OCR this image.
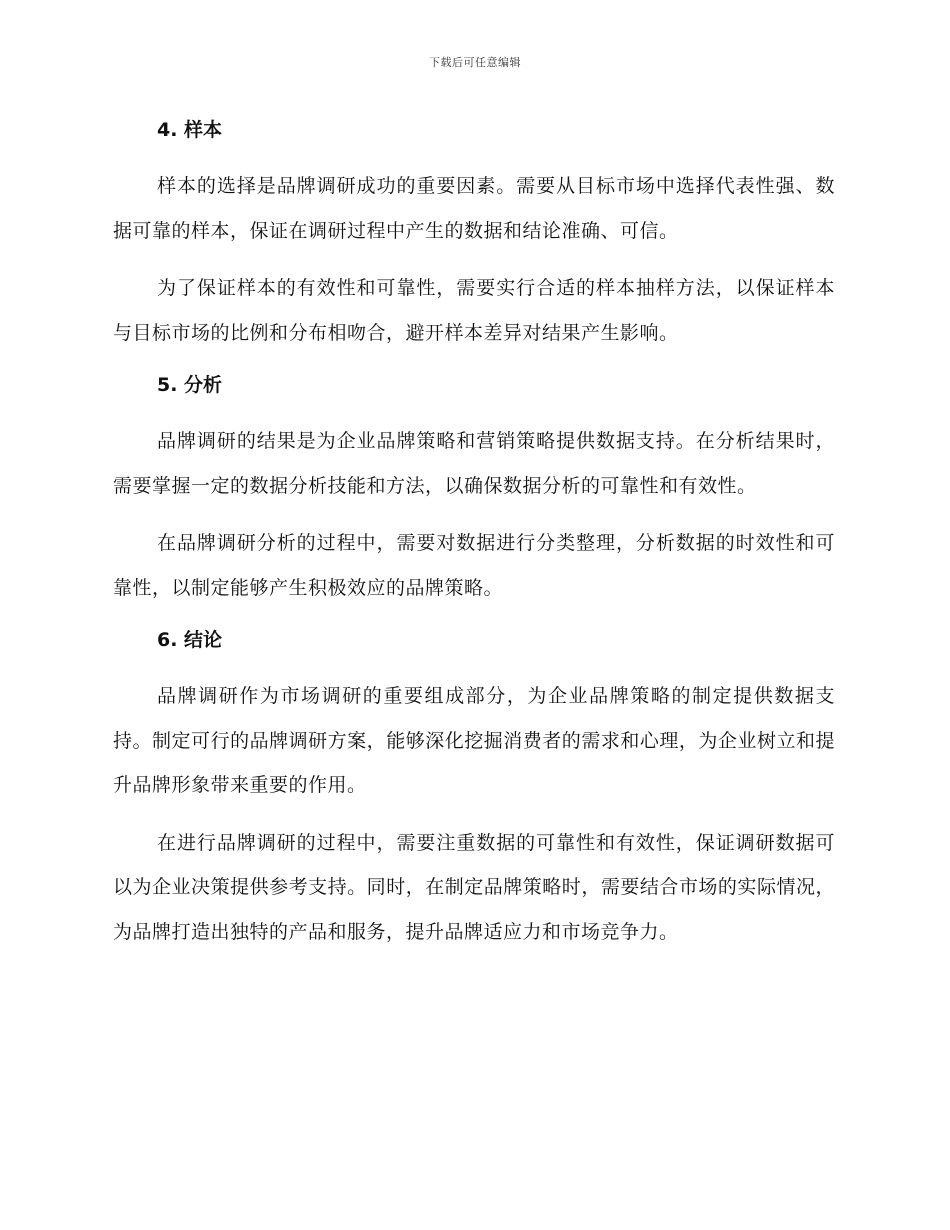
下载后可任意编辑
4. 样本

样本的选择是品牌调研成功的重要因素。需要从目标市场中选择代表性强、数据可靠的样本，保证在调研过程中产生的数据和结论准确、可信。

为了保证样本的有效性和可靠性，需要实行合适的样本抽样方法，以保证样本与目标市场的比例和分布相吻合，避开样本差异对结果产生影响。

5. 分析

品牌调研的结果是为企业品牌策略和营销策略提供数据支持。在分析结果时，需要掌握一定的数据分析技能和方法，以确保数据分析的可靠性和有效性。

在品牌调研分析的过程中，需要对数据进行分类整理，分析数据的时效性和可靠性，以制定能够产生积极效应的品牌策略。

6. 结论

品牌调研作为市场调研的重要组成部分，为企业品牌策略的制定提供数据支持。制定可行的品牌调研方案，能够深化挖掘消费者的需求和心理，为企业树立和提升品牌形象带来重要的作用。

在进行品牌调研的过程中，需要注重数据的可靠性和有效性，保证调研数据可以为企业决策提供参考支持。同时，在制定品牌策略时，需要结合市场的实际情况，为品牌打造出独特的产品和服务，提升品牌适应力和市场竞争力。
